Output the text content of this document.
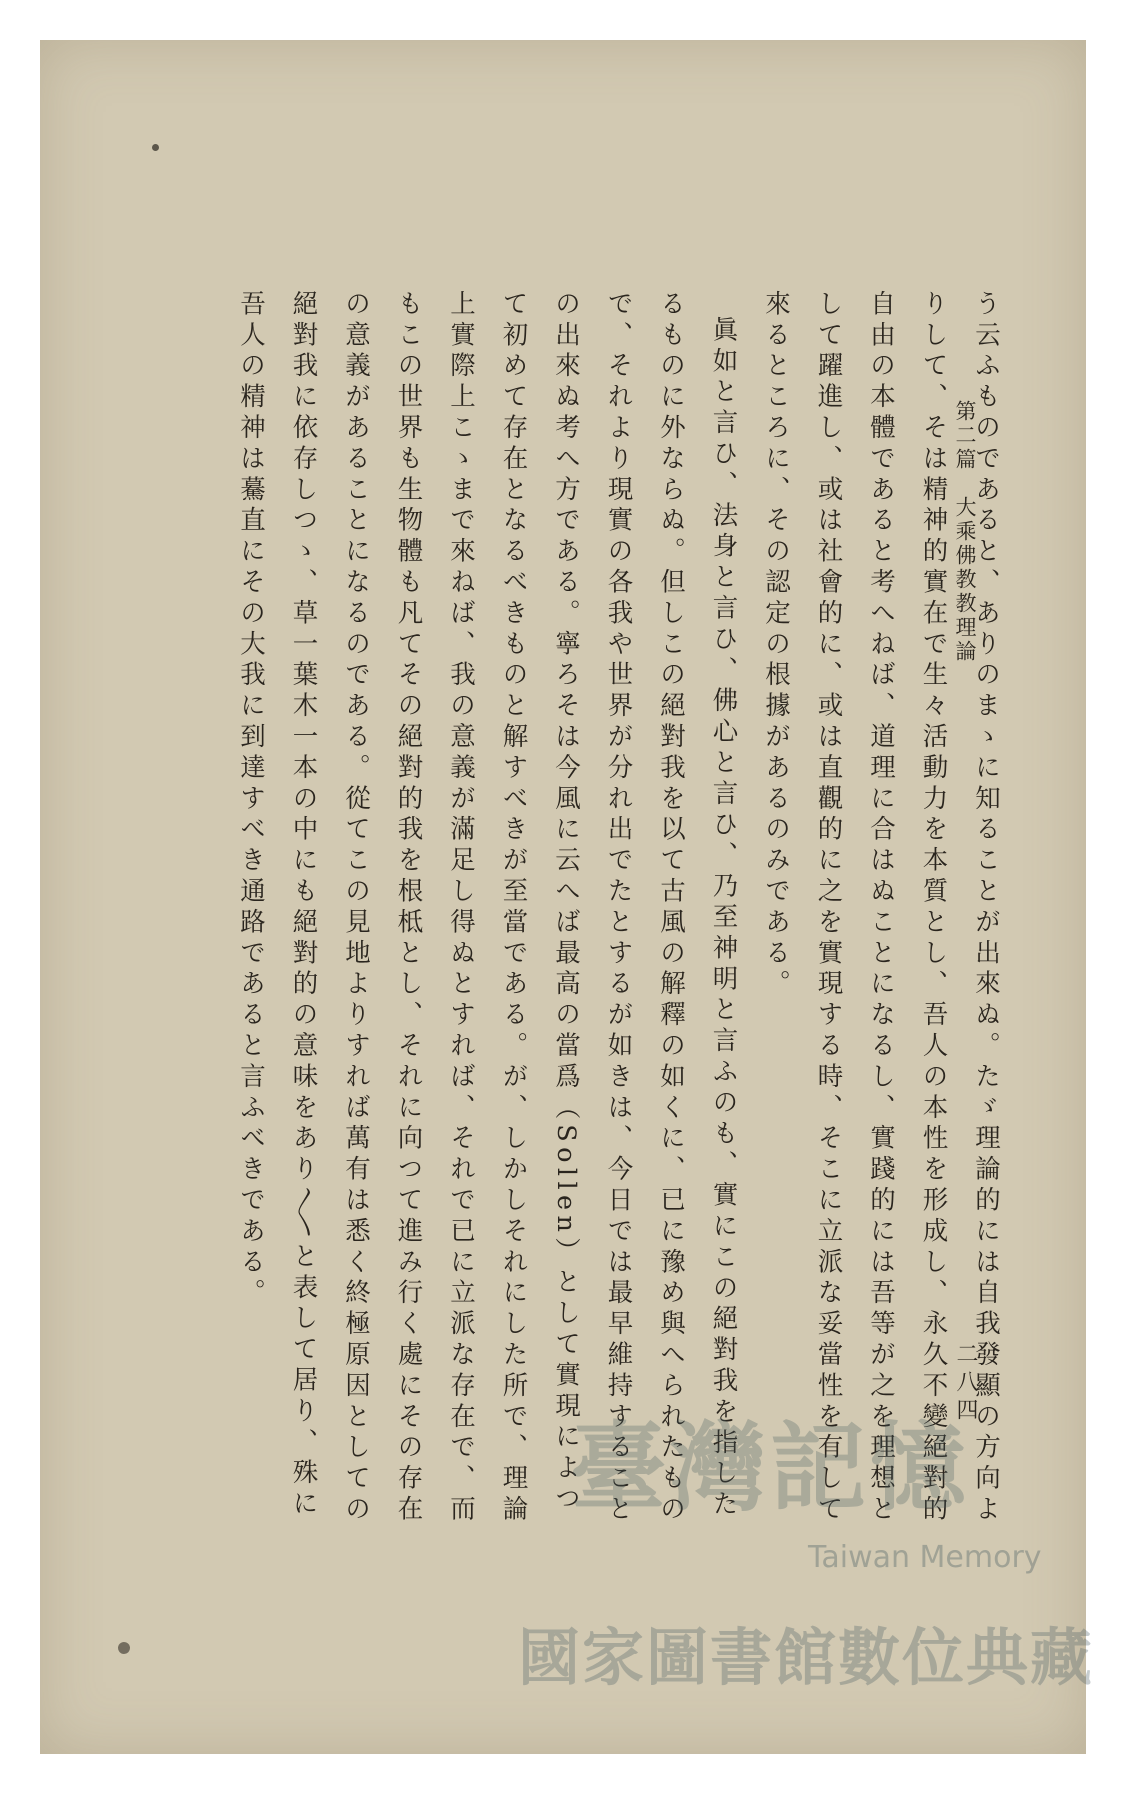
第二篇　大乘佛教教理論
二八四

う云ふものであると、ありのまゝに知ることが出來ぬ。たゞ理論的には自我發顯の方向よりして、そは精神的實在で生々活動力を本質とし、吾人の本性を形成し、永久不變絕對的自由の本體であると考へねば、道理に合はぬことになるし、實踐的には吾等が之を理想として躍進し、或は社會的に、或は直觀的に之を實現する時、そこに立派な妥當性を有して來るところに、その認定の根據があるのみである。

眞如と言ひ、法身と言ひ、佛心と言ひ、乃至神明と言ふのも、實にこの絕對我を指したるものに外ならぬ。但しこの絕對我を以て古風の解釋の如くに、已に豫め與へられたもので、それより現實の各我や世界が分れ出でたとするが如きは、今日では最早維持することの出來ぬ考へ方である。寧ろそは今風に云へば最高の當爲（Sollen）として實現によつて初めて存在となるべきものと解すべきが至當である。が、しかしそれにした所で、理論上實際上こゝまで來ねば、我の意義が滿足し得ぬとすれば、それで已に立派な存在で、而もこの世界も生物體も凡てその絕對的我を根柢とし、それに向つて進み行く處にその存在の意義があることになるのである。從てこの見地よりすれば萬有は悉く終極原因としての絕對我に依存しつゝ、草一葉木一本の中にも絕對的の意味をあり〳〵と表して居り、殊に吾人の精神は驀直にその大我に到達すべき通路であると言ふべきである。

臺灣記憶
Taiwan Memory
國家圖書館數位典藏
